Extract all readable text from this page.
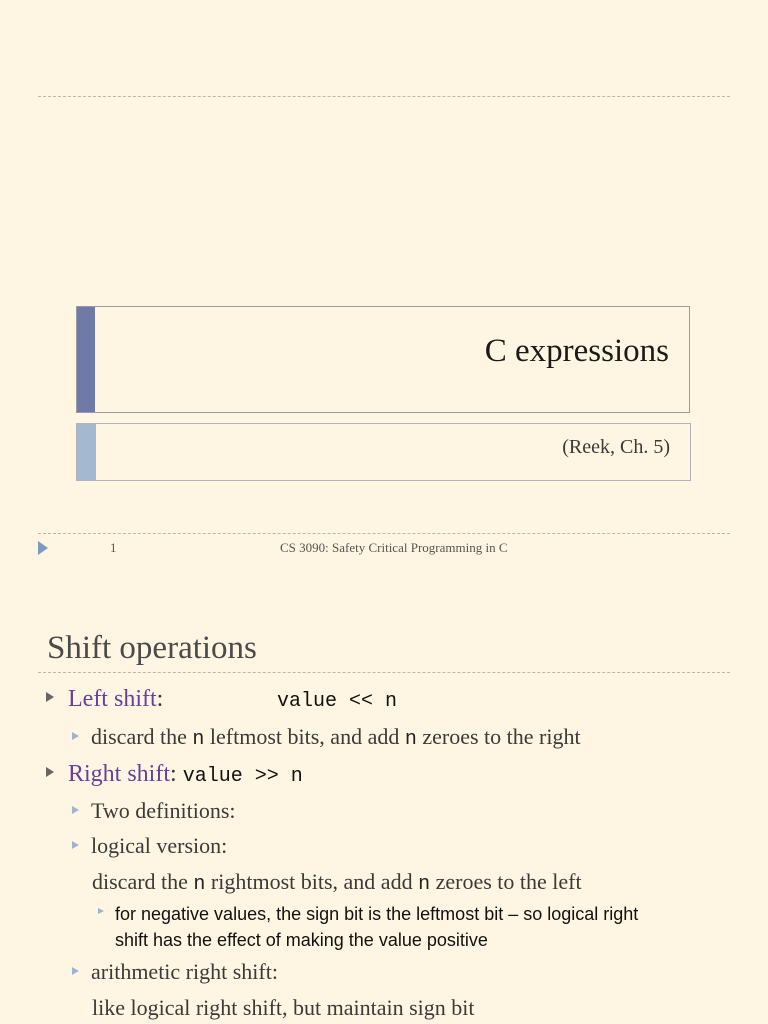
C expressions
(Reek, Ch. 5)
1	CS 3090: Safety Critical Programming in C
Shift operations
Left shift:	value << n
discard the n leftmost bits, and add n zeroes to the right
Right shift: value >> n
Two definitions:
logical version:
discard the n rightmost bits, and add n zeroes to the left
for negative values, the sign bit is the leftmost bit – so logical right
shift has the effect of making the value positive
arithmetic right shift:
like logical right shift, but maintain sign bit
